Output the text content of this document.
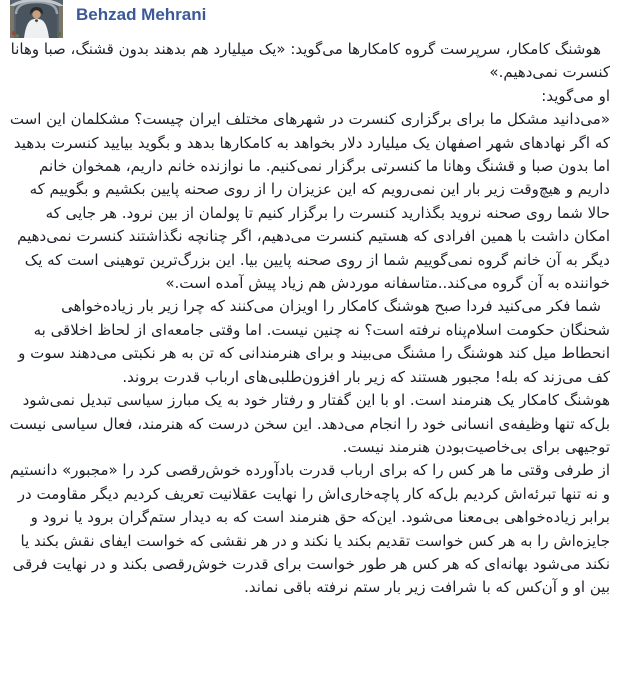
Behzad Mehrani

هوشنگ کامکار، سرپرست گروه کامکارها می‌گوید: «یک میلیارد هم بدهند بدون قشنگ، صبا وهانا کنسرت نمی‌دهیم.»

او می‌گوید:

«می‌دانید مشکل ما برای برگزاری کنسرت در شهرهای مختلف ایران چیست؟ مشکلمان این است که اگر نهادهای شهر اصفهان یک میلیارد دلار بخواهد به کامکارها بدهد و بگوید بیایید کنسرت بدهید اما بدون صبا و قشنگ وهانا ما کنسرتی برگزار نمی‌کنیم. ما نوازنده خانم داریم، همخوان خانم داریم و هیچ‌وقت زیر بار این نمی‌رویم که این عزیزان را از روی صحنه پایین بکشیم و بگوییم که حالا شما روی صحنه نروید بگذارید کنسرت را برگزار کنیم تا پولمان از بین نرود. هر جایی که امکان داشت با همین افرادی که هستیم کنسرت می‌دهیم، اگر چنانچه نگذاشتند کنسرت نمی‌دهیم دیگر به آن خانم گروه نمی‌گوییم شما از روی صحنه پایین بیا. این بزرگ‌ترین توهینی است که یک خواننده به آن گروه می‌کند..متاسفانه موردش هم زیاد پیش آمده است.»

شما فکر می‌کنید فردا صبح هوشنگ کامکار را اویزان می‌کنند که چرا زیر بار زیاده‌خواهی شحنگان حکومت اسلام‌پناه نرفته است؟ نه چنین نیست. اما وقتی جامعه‌ای از لحاظ اخلاقی به انحطاط میل کند هوشنگ را مشنگ می‌بیند و برای هنرمندانی که تن به هر نکبتی می‌دهند سوت و کف می‌زند که بله! مجبور هستند که زیر بار افزون‌طلبی‌های ارباب قدرت بروند.

هوشنگ کامکار یک هنرمند است. او با این گفتار و رفتار خود به یک مبارز سیاسی تبدیل نمی‌شود بل‌که تنها وظیفه‌ی انسانی خود را انجام می‌دهد. این سخن درست که هنرمند، فعال سیاسی نیست توجیهی برای بی‌خاصیت‌بودن هنرمند نیست.

از طرفی وقتی ما هر کس را که برای ارباب قدرت بادآورده خوش‌رقصی کرد را «مجبور» دانستیم و نه تنها تبرئه‌اش کردیم بل‌که کار پاچه‌خاری‌اش را نهایت عقلانیت تعریف کردیم دیگر مقاومت در برابر زیاده‌خواهی بی‌معنا می‌شود. این‌که حق هنرمند است که به دیدار ستم‌گران برود یا نرود و جایزه‌اش را به هر کس خواست تقدیم بکند یا نکند و در هر نقشی که خواست ایفای نقش بکند یا نکند می‌شود بهانه‌ای که هر کس هر طور خواست برای قدرت خوش‌رقصی بکند و در نهایت فرقی بین او و آن‌کس که با شرافت زیر بار ستم نرفته باقی نماند.
